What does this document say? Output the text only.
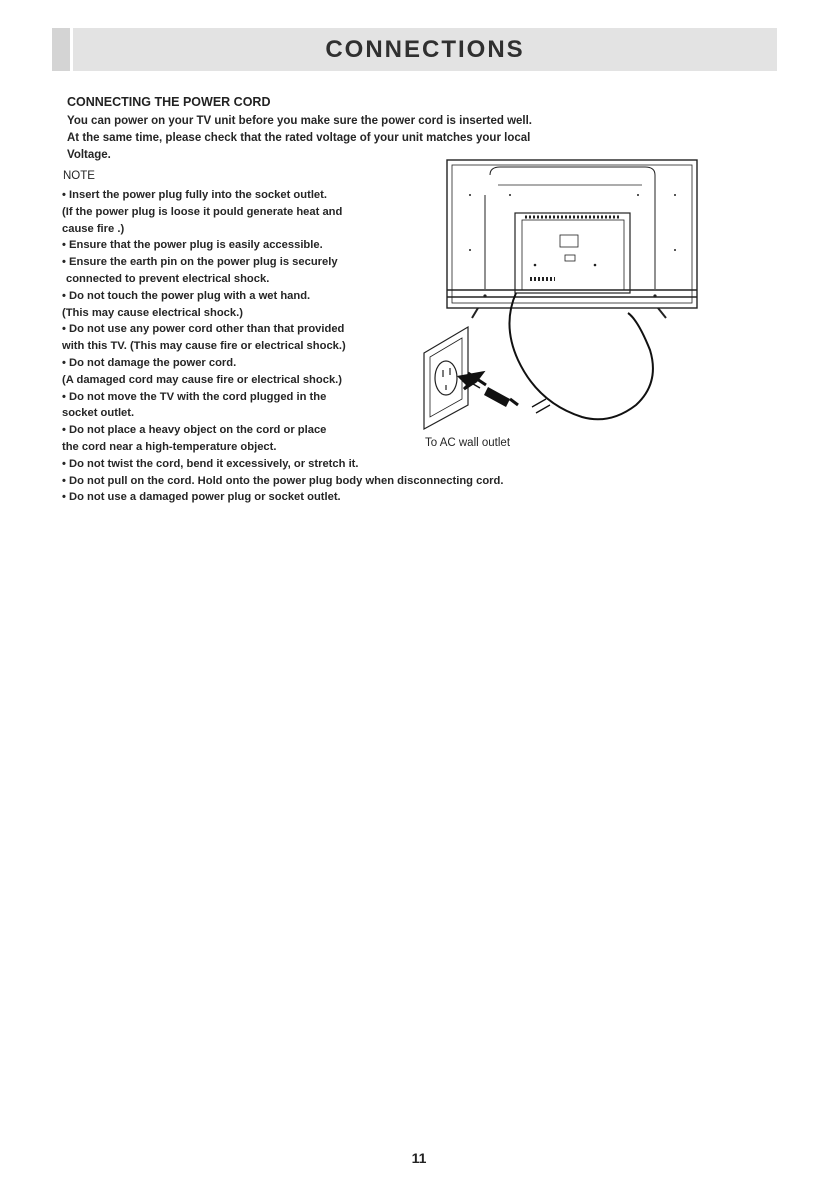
CONNECTIONS
CONNECTING THE POWER CORD
You can power on your TV unit before you make sure the power cord is inserted well.
At the same time, please check that the rated voltage of your unit matches your local
Voltage.
NOTE
• Insert the power plug fully into the socket outlet.
(If the power plug is loose it pould generate heat and
cause fire .)
• Ensure that the power plug is easily accessible.
• Ensure the earth pin on the power plug is securely
connected to prevent electrical shock.
• Do not touch the power plug with a wet hand.
(This may cause electrical shock.)
• Do not use any power cord other than that provided
with this TV. (This may cause fire or electrical shock.)
• Do not damage the power cord.
(A damaged cord may cause fire or electrical shock.)
• Do not move the TV with the cord plugged in the
socket outlet.
• Do not place a heavy object on the cord or place
the cord near a high-temperature object.
• Do not twist the cord, bend it excessively, or stretch it.
• Do not pull on the cord. Hold onto the power plug body when disconnecting cord.
• Do not use a damaged power plug or socket outlet.
To AC wall outlet
11
